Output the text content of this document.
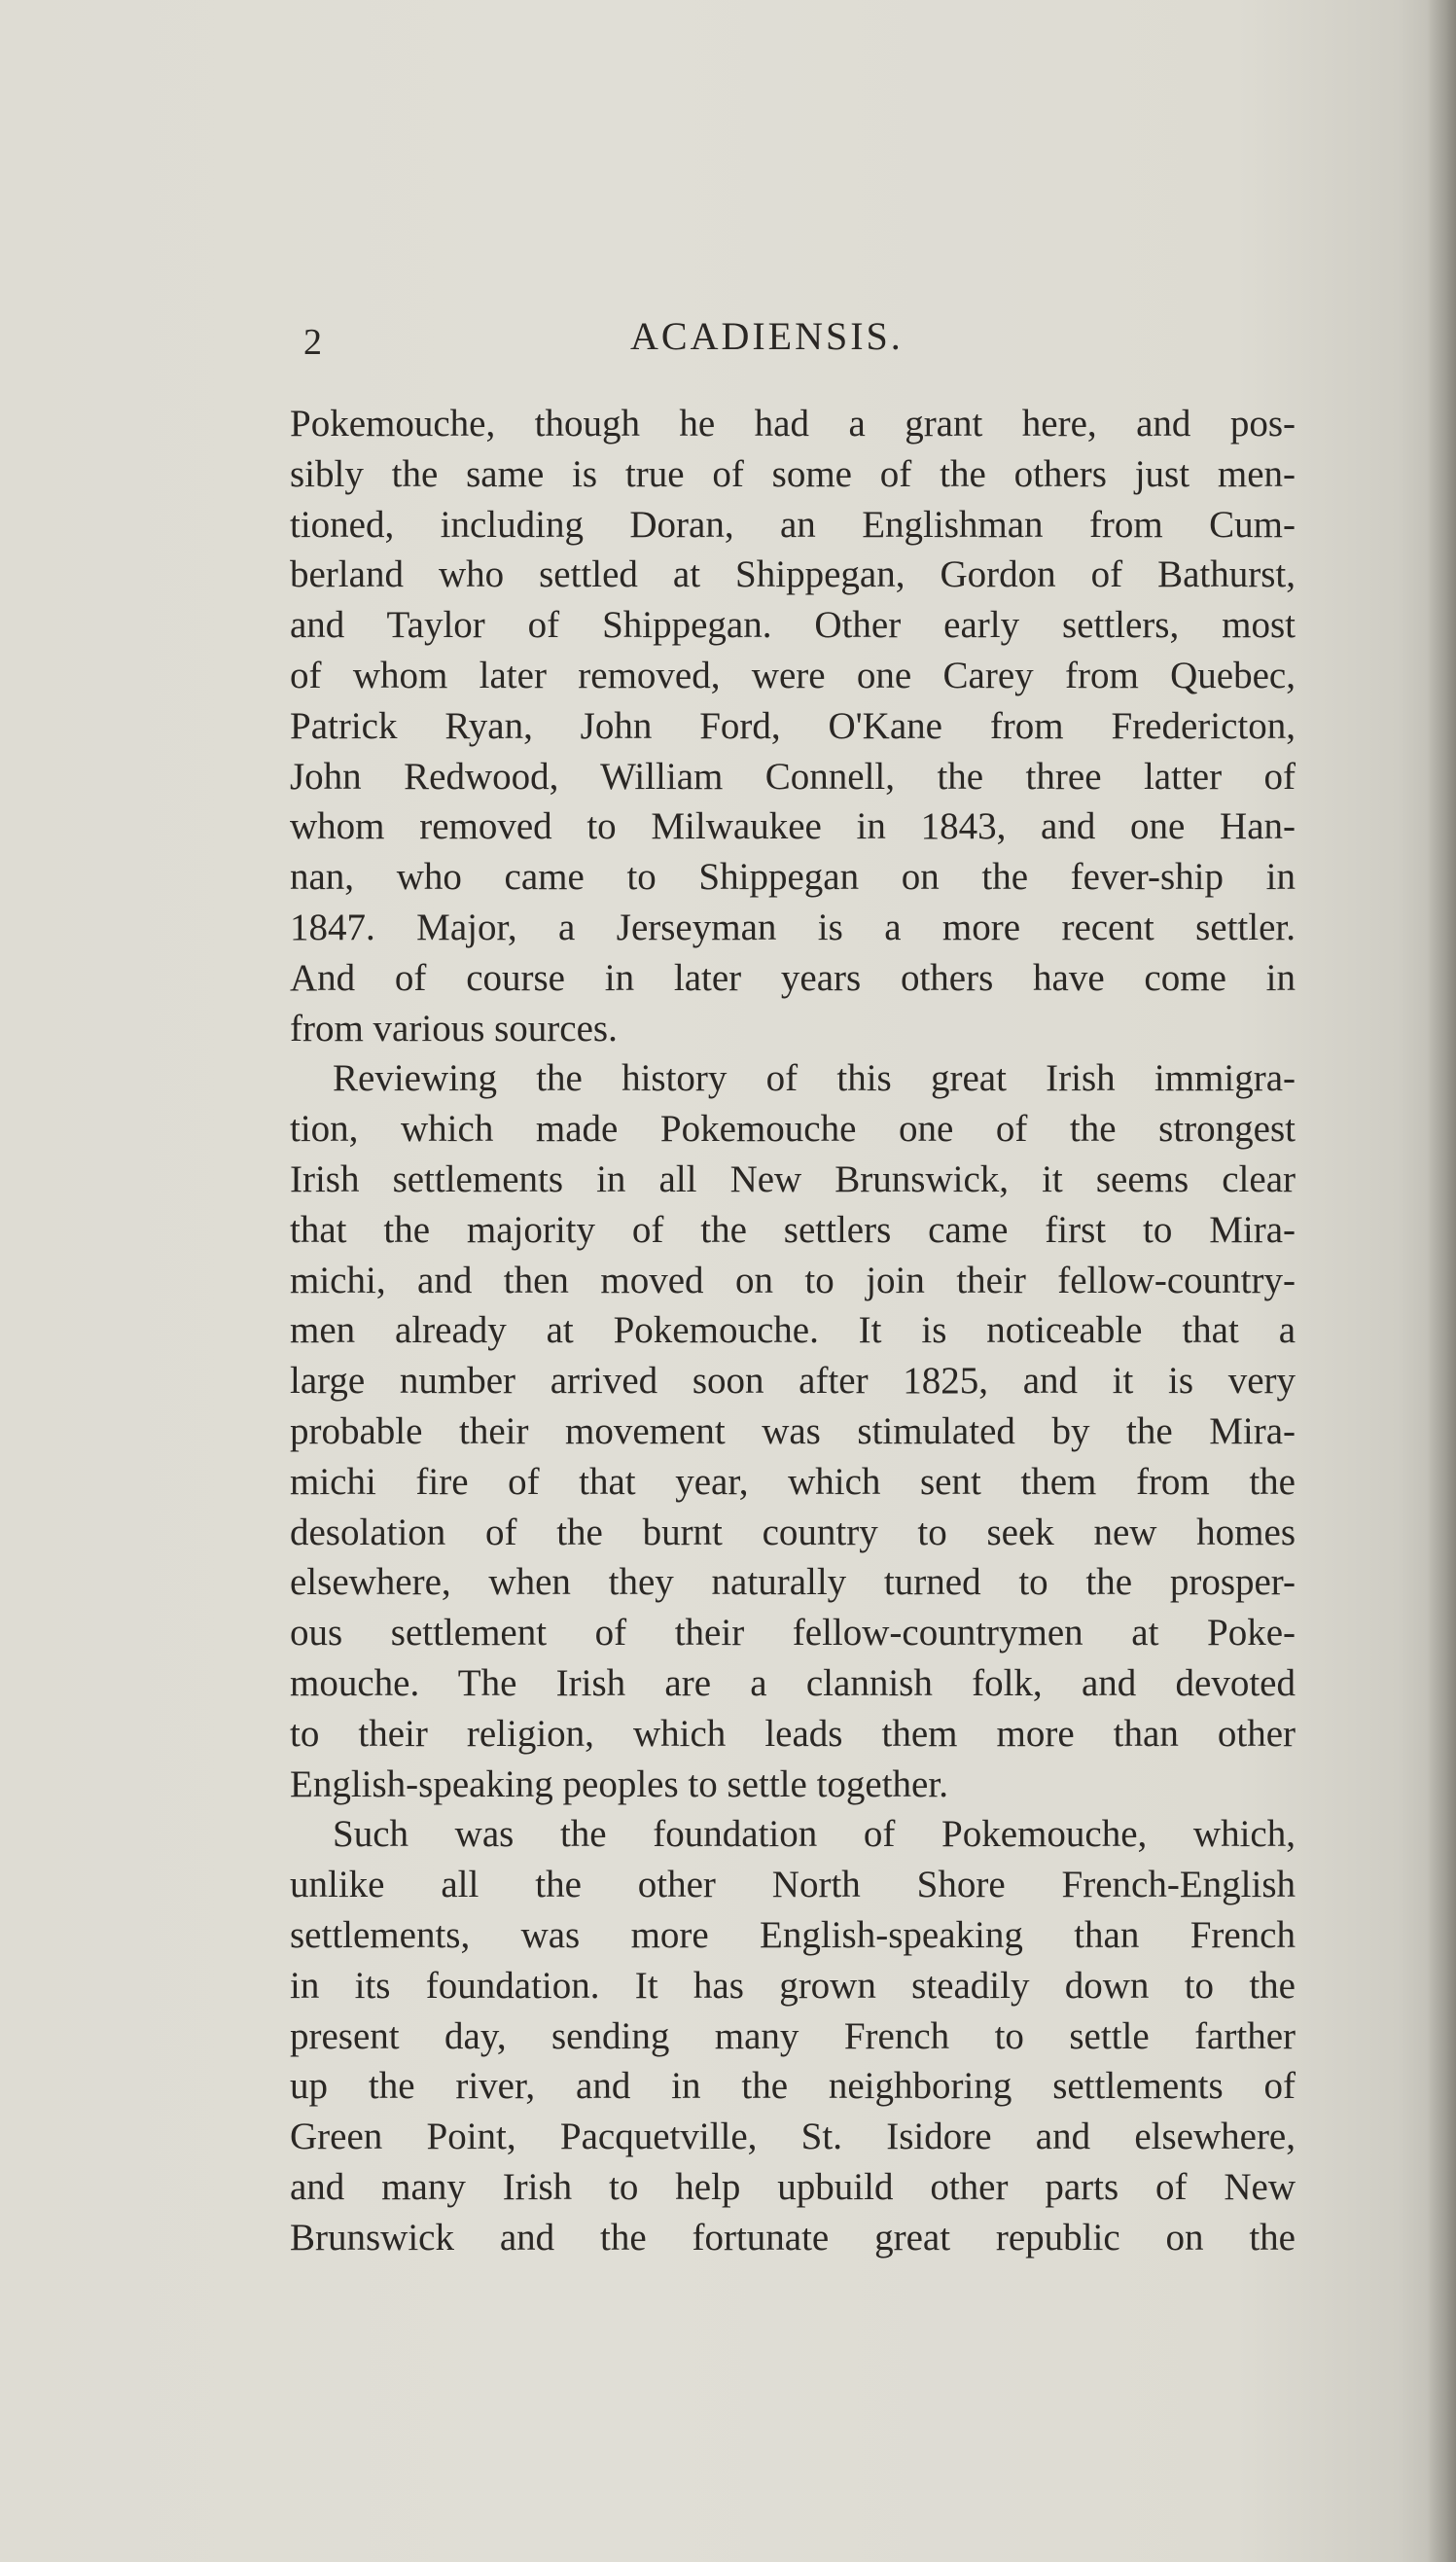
2	ACADIENSIS.
Pokemouche, though he had a grant here, and pos-
sibly the same is true of some of the others just men-
tioned, including Doran, an Englishman from Cum-
berland who settled at Shippegan, Gordon of Bathurst,
and Taylor of Shippegan. Other early settlers, most
of whom later removed, were one Carey from Quebec,
Patrick Ryan, John Ford, O'Kane from Fredericton,
John Redwood, William Connell, the three latter of
whom removed to Milwaukee in 1843, and one Han-
nan, who came to Shippegan on the fever-ship in
1847. Major, a Jerseyman is a more recent settler.
And of course in later years others have come in
from various sources.
Reviewing the history of this great Irish immigra-
tion, which made Pokemouche one of the strongest
Irish settlements in all New Brunswick, it seems clear
that the majority of the settlers came first to Mira-
michi, and then moved on to join their fellow-country-
men already at Pokemouche. It is noticeable that a
large number arrived soon after 1825, and it is very
probable their movement was stimulated by the Mira-
michi fire of that year, which sent them from the
desolation of the burnt country to seek new homes
elsewhere, when they naturally turned to the prosper-
ous settlement of their fellow-countrymen at Poke-
mouche. The Irish are a clannish folk, and devoted
to their religion, which leads them more than other
English-speaking peoples to settle together.
Such was the foundation of Pokemouche, which,
unlike all the other North Shore French-English
settlements, was more English-speaking than French
in its foundation. It has grown steadily down to the
present day, sending many French to settle farther
up the river, and in the neighboring settlements of
Green Point, Pacquetville, St. Isidore and elsewhere,
and many Irish to help upbuild other parts of New
Brunswick and the fortunate great republic on the
